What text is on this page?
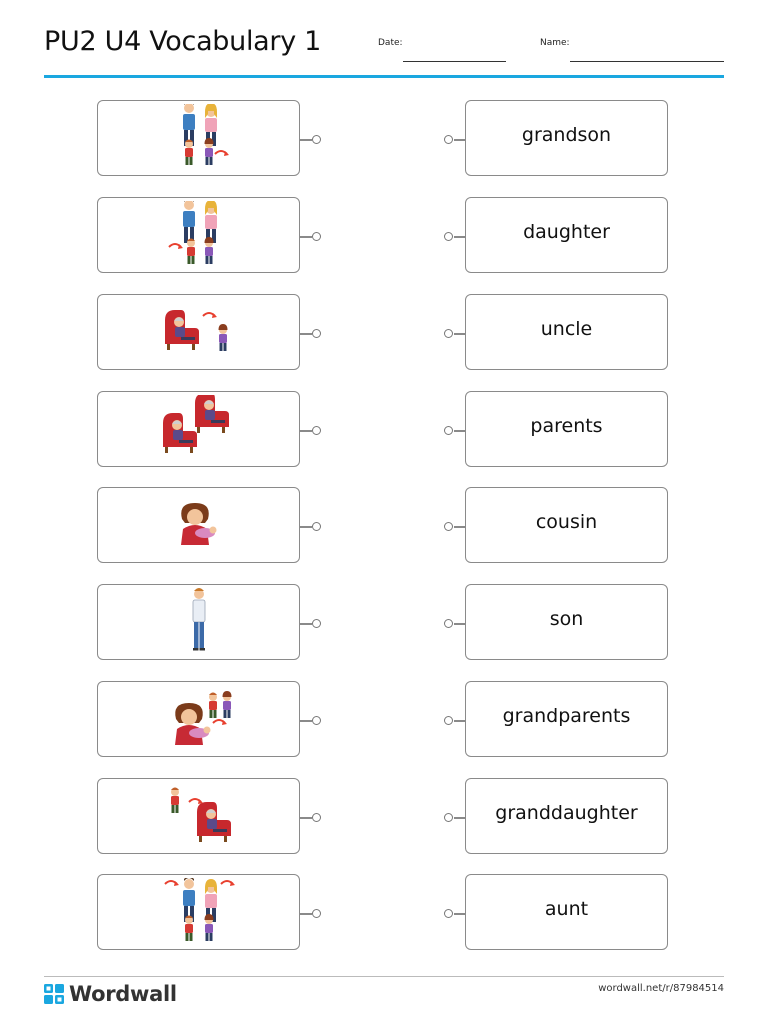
PU2 U4 Vocabulary 1	Date:	Name:
grandson
daughter
uncle
parents
cousin
son
grandparents
granddaughter
aunt
Wordwall	wordwall.net/r/87984514
